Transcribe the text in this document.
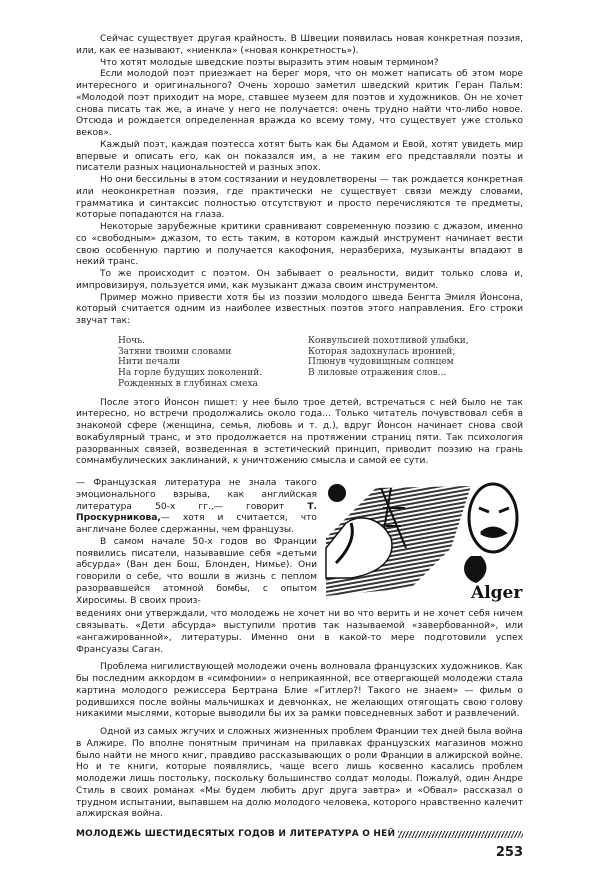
Сейчас существует другая крайность. В Швеции появилась новая конкретная поэзия, или, как ее называют, «ниенкла» («новая конкретность»).

Что хотят молодые шведские поэты выразить этим новым термином?

Если молодой поэт приезжает на берег моря, что он может написать об этом море интересного и оригинального? Очень хорошо заметил шведский критик Геран Пальм: «Молодой поэт приходит на море, ставшее музеем для поэтов и художников. Он не хочет снова писать так же, а иначе у него не получается: очень трудно найти что-либо новое. Отсюда и рождается определенная вражда ко всему тому, что существует уже столько веков».

Каждый поэт, каждая поэтесса хотят быть как бы Адамом и Евой, хотят увидеть мир впервые и описать его, как он показался им, а не таким его представляли поэты и писатели разных национальностей и разных эпох.

Но они бессильны в этом состязании и неудовлетворены — так рождается конкретная или неоконкретная поэзия, где практически не существует связи между словами, грамматика и синтаксис полностью отсутствуют и просто перечисляются те предметы, которые попадаются на глаза.

Некоторые зарубежные критики сравнивают современную поэзию с джазом, именно со «свободным» джазом, то есть таким, в котором каждый инструмент начинает вести свою особенную партию и получается какофония, неразбериха, музыканты впадают в некий транс.

То же происходит с поэтом. Он забывает о реальности, видит только слова и, импровизируя, пользуется ими, как музыкант джаза своим инструментом.

Пример можно привести хотя бы из поэзии молодого шведа Бенгта Эмиля Йонсона, который считается одним из наиболее известных поэтов этого направления. Его строки звучат так:

Ночь.
Затяни твоими словами
Нити печали
На горле будущих поколений.
Рожденных в глубинах смеха
Конвульсией похотливой улыбки,
Которая задохнулась иронией,
Плюнув чудовищным солнцем
В лиловые отражения слов...

После этого Йонсон пишет: у нее было трое детей, встречаться с ней было не так интересно, но встречи продолжались около года... Только читатель почувствовал себя в знакомой сфере (женщина, семья, любовь и т. д.), вдруг Йонсон начинает снова свой вокабулярный транс, и это продолжается на протяжении страниц пяти. Так психология разорванных связей, возведенная в эстетический принцип, приводит поэзию на грань сомнамбулических заклинаний, к уничтожению смысла и самой ее сути.

— Французская литература не знала такого эмоционального взрыва, как английская литература 50-х гг.,— говорит Т. Проскурникова,— хотя и считается, что англичане более сдержанны, чем французы.

В самом начале 50-х годов во Франции появились писатели, называвшие себя «детьми абсурда» (Ван ден Бош, Блонден, Нимье). Они говорили о себе, что вошли в жизнь с пеплом разорвавшейся атомной бомбы, с опытом Хиросимы. В своих произ-	Alger

ведениях они утверждали, что молодежь не хочет ни во что верить и не хочет себя ничем связывать. «Дети абсурда» выступили против так называемой «завербованной», или «ангажированной», литературы. Именно они в какой-то мере подготовили успех Франсуазы Саган.

Проблема нигилиствующей молодежи очень волновала французских художников. Как бы последним аккордом в «симфонии» о неприкаянной, все отвергающей молодежи стала картина молодого режиссера Бертрана Блие «Гитлер?! Такого не знаем» — фильм о родившихся после войны мальчишках и девчонках, не желающих отягощать свою голову никакими мыслями, которые выводили бы их за рамки повседневных забот и развлечений.

Одной из самых жгучих и сложных жизненных проблем Франции тех дней была война в Алжире. По вполне понятным причинам на прилавках французских магазинов можно было найти не много книг, правдиво рассказывающих о роли Франции в алжирской войне. Но и те книги, которые появлялись, чаще всего лишь косвенно касались проблем молодежи лишь постольку, поскольку большинство солдат молоды. Пожалуй, один Андре Стиль в своих романах «Мы будем любить друг друга завтра» и «Обвал» рассказал о трудном испытании, выпавшем на долю молодого человека, которого нравственно калечит алжирская война.

МОЛОДЕЖЬ ШЕСТИДЕСЯТЫХ ГОДОВ И ЛИТЕРАТУРА О НЕЙ
253
